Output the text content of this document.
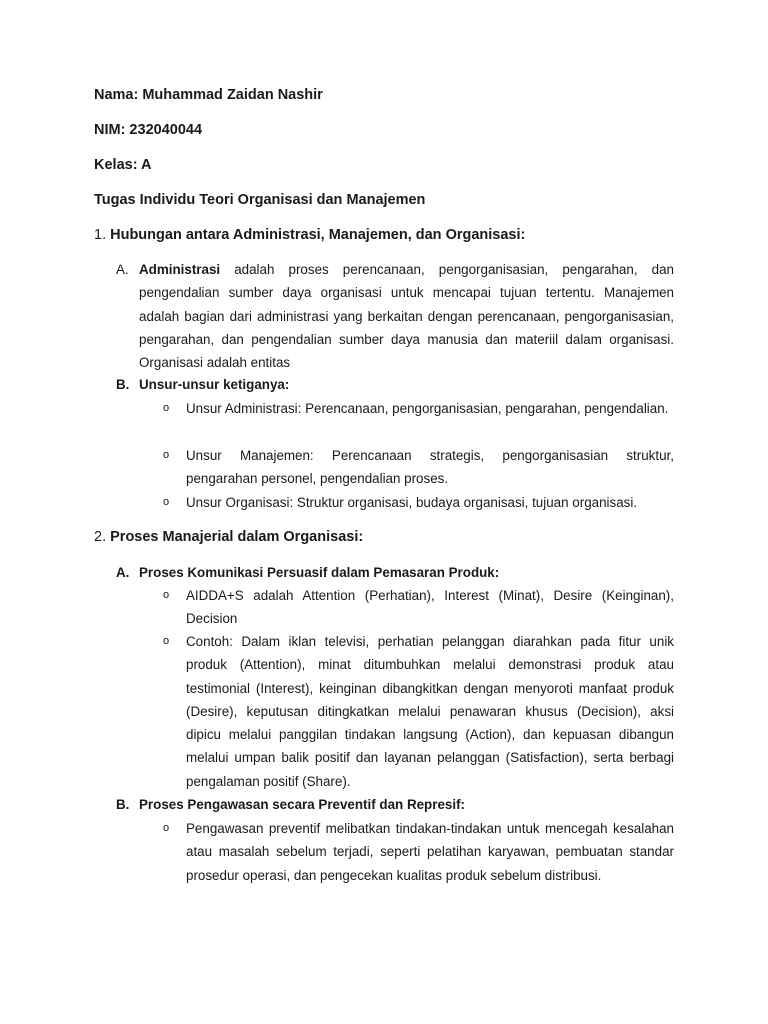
Nama: Muhammad Zaidan Nashir
NIM: 232040044
Kelas: A
Tugas Individu Teori Organisasi dan Manajemen
1. Hubungan antara Administrasi, Manajemen, dan Organisasi:
A. Administrasi adalah proses perencanaan, pengorganisasian, pengarahan, dan pengendalian sumber daya organisasi untuk mencapai tujuan tertentu. Manajemen adalah bagian dari administrasi yang berkaitan dengan perencanaan, pengorganisasian, pengarahan, dan pengendalian sumber daya manusia dan materiil dalam organisasi. Organisasi adalah entitas
B. Unsur-unsur ketiganya:
o Unsur Administrasi: Perencanaan, pengorganisasian, pengarahan, pengendalian.
o Unsur Manajemen: Perencanaan strategis, pengorganisasian struktur, pengarahan personel, pengendalian proses.
o Unsur Organisasi: Struktur organisasi, budaya organisasi, tujuan organisasi.
2. Proses Manajerial dalam Organisasi:
A. Proses Komunikasi Persuasif dalam Pemasaran Produk:
o AIDDA+S adalah Attention (Perhatian), Interest (Minat), Desire (Keinginan), Decision
o Contoh: Dalam iklan televisi, perhatian pelanggan diarahkan pada fitur unik produk (Attention), minat ditumbuhkan melalui demonstrasi produk atau testimonial (Interest), keinginan dibangkitkan dengan menyoroti manfaat produk (Desire), keputusan ditingkatkan melalui penawaran khusus (Decision), aksi dipicu melalui panggilan tindakan langsung (Action), dan kepuasan dibangun melalui umpan balik positif dan layanan pelanggan (Satisfaction), serta berbagi pengalaman positif (Share).
B. Proses Pengawasan secara Preventif dan Represif:
o Pengawasan preventif melibatkan tindakan-tindakan untuk mencegah kesalahan atau masalah sebelum terjadi, seperti pelatihan karyawan, pembuatan standar prosedur operasi, dan pengecekan kualitas produk sebelum distribusi.
